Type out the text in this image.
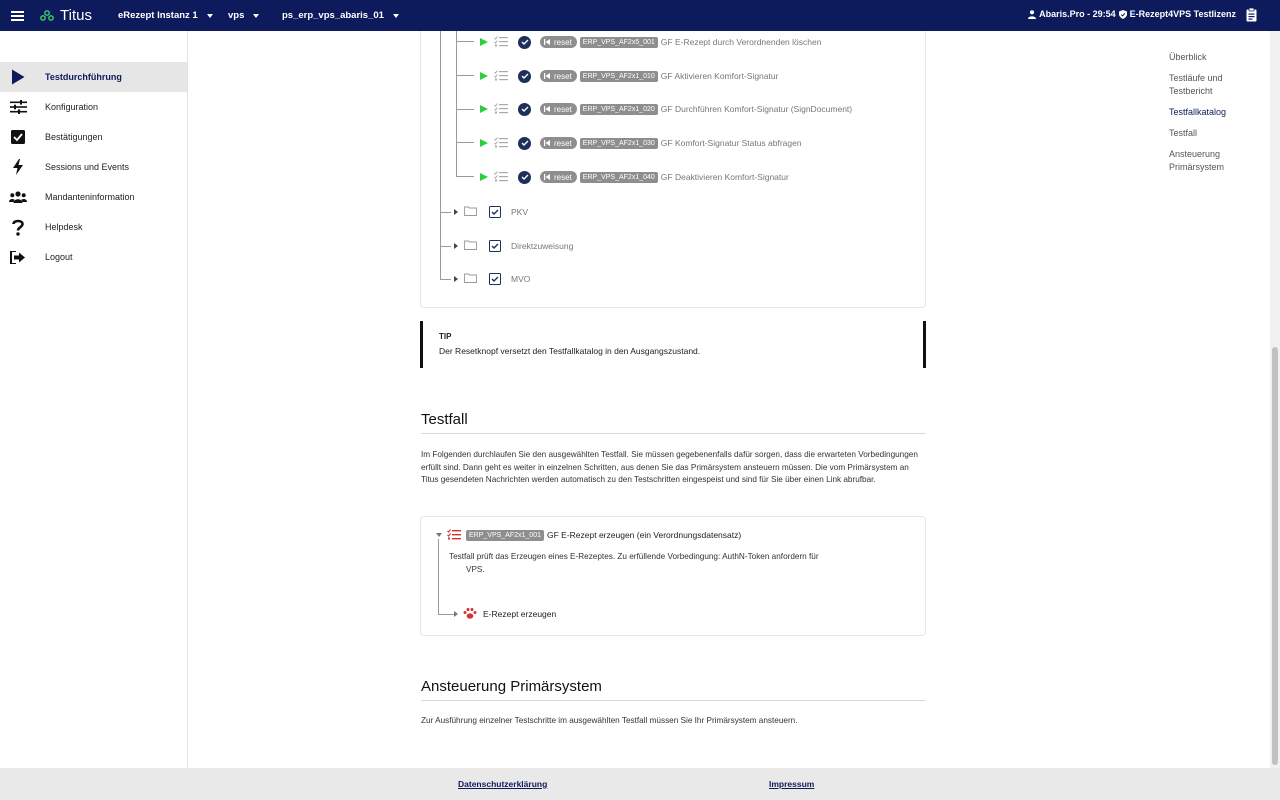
Titus	eRezept Instanz 1	vps	ps_erp_vps_abaris_01	Abaris.Pro - 29:54 E-Rezept4VPS Testlizenz
Testdurchführung
Konfiguration
Bestätigungen
Sessions und Events
Mandanteninformation
Helpdesk
Logout
reset	ERP_VPS_AF2x5_001 GF E-Rezept durch Verordnenden löschen
reset	ERP_VPS_AF2x1_010 GF Aktivieren Komfort-Signatur
reset	ERP_VPS_AF2x1_020 GF Durchführen Komfort-Signatur (SignDocument)
reset	ERP_VPS_AF2x1_030 GF Komfort-Signatur Status abfragen
reset	ERP_VPS_AF2x1_040 GF Deaktivieren Komfort-Signatur
PKV
Direktzuweisung
MVO
TIP
Der Resetknopf versetzt den Testfallkatalog in den Ausgangszustand.
Testfall
Im Folgenden durchlaufen Sie den ausgewählten Testfall. Sie müssen gegebenenfalls dafür sorgen, dass die erwarteten Vorbedingungen erfüllt sind. Dann geht es weiter in einzelnen Schritten, aus denen Sie das Primärsystem ansteuern müssen. Die vom Primärsystem an Titus gesendeten Nachrichten werden automatisch zu den Testschritten eingespeist und sind für Sie über einen Link abrufbar.
ERP_VPS_AF2x1_001 GF E-Rezept erzeugen (ein Verordnungsdatensatz)
Testfall prüft das Erzeugen eines E-Rezeptes. Zu erfüllende Vorbedingung: AuthN-Token anfordern für
VPS.
E-Rezept erzeugen
Ansteuerung Primärsystem
Zur Ausführung einzelner Testschritte im ausgewählten Testfall müssen Sie Ihr Primärsystem ansteuern.
Überblick
Testläufe und Testbericht
Testfallkatalog
Testfall
Ansteuerung Primärsystem
Datenschutzerklärung	Impressum
